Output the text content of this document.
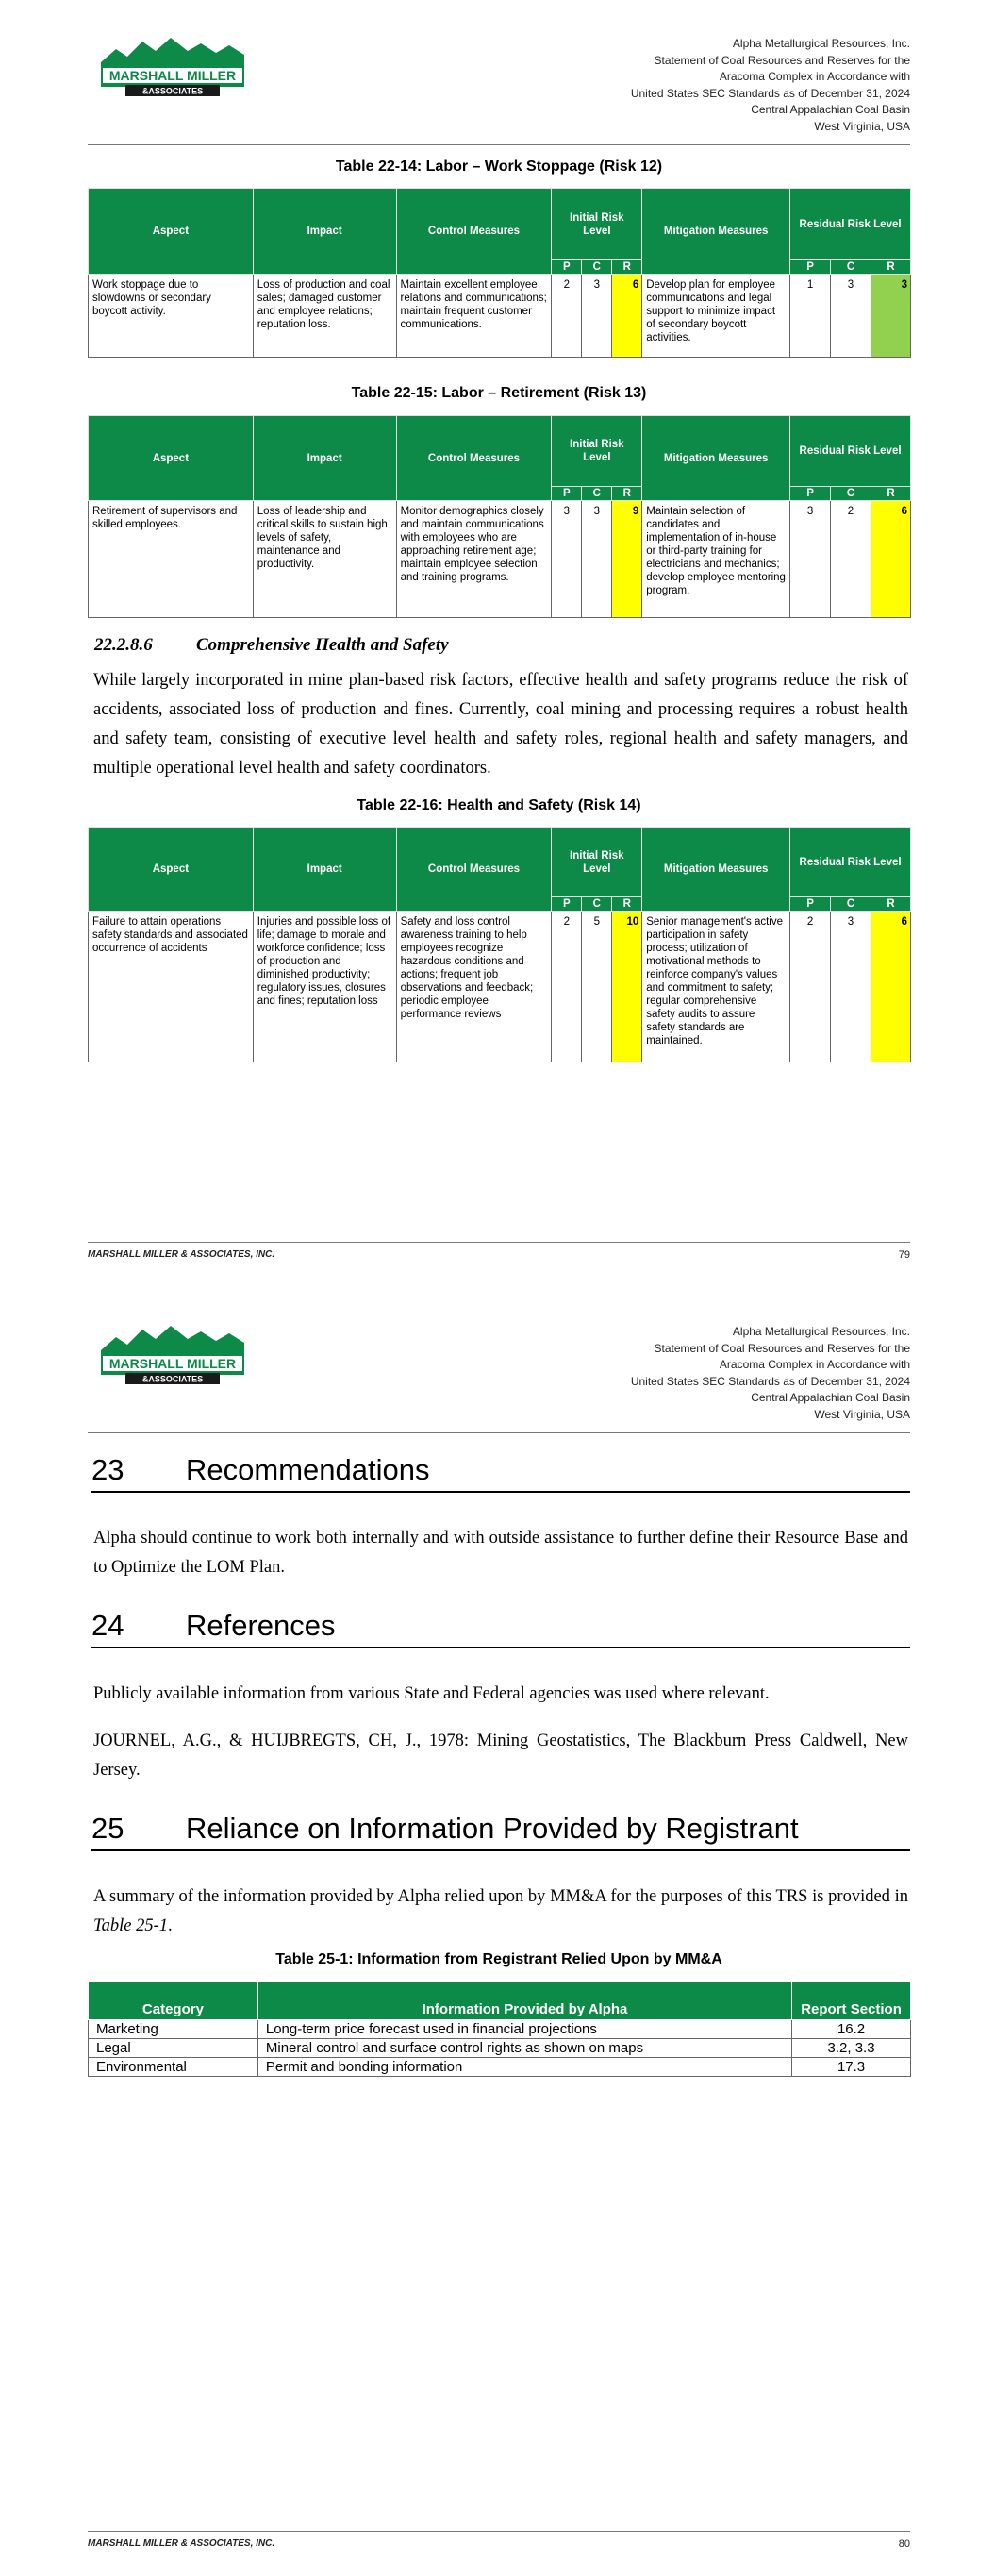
MARSHALL MILLER
&ASSOCIATES
Alpha Metallurgical Resources, Inc.
Statement of Coal Resources and Reserves for the
Aracoma Complex in Accordance with
United States SEC Standards as of December 31, 2024
Central Appalachian Coal Basin
West Virginia, USA
Table 22-14: Labor – Work Stoppage (Risk 12)
Aspect	Impact	Control Measures	Initial Risk Level			Mitigation Measures	Residual Risk Level		
			P	C	R		P	C	R
Work stoppage due to slowdowns or secondary boycott activity.	Loss of production and coal sales; damaged customer and employee relations; reputation loss.	Maintain excellent employee relations and communications; maintain frequent customer communications.	2	3	6	Develop plan for employee communications and legal support to minimize impact of secondary boycott activities.	1	3	3
Table 22-15: Labor – Retirement (Risk 13)
Aspect	Impact	Control Measures	Initial Risk Level			Mitigation Measures	Residual Risk Level		
			P	C	R		P	C	R
Retirement of supervisors and skilled employees.	Loss of leadership and critical skills to sustain high levels of safety, maintenance and productivity.	Monitor demographics closely and maintain communications with employees who are approaching retirement age; maintain employee selection and training programs.	3	3	9	Maintain selection of candidates and implementation of in-house or third-party training for electricians and mechanics; develop employee mentoring program.	3	2	6
22.2.8.6 Comprehensive Health and Safety
While largely incorporated in mine plan-based risk factors, effective health and safety programs reduce the risk of accidents, associated loss of production and fines. Currently, coal mining and processing requires a robust health and safety team, consisting of executive level health and safety roles, regional health and safety managers, and multiple operational level health and safety coordinators.
Table 22-16: Health and Safety (Risk 14)
Aspect	Impact	Control Measures	Initial Risk Level			Mitigation Measures	Residual Risk Level		
			P	C	R		P	C	R
Failure to attain operations safety standards and associated occurrence of accidents	Injuries and possible loss of life; damage to morale and workforce confidence; loss of production and diminished productivity; regulatory issues, closures and fines; reputation loss	Safety and loss control awareness training to help employees recognize hazardous conditions and actions; frequent job observations and feedback; periodic employee performance reviews	2	5	10	Senior management's active participation in safety process; utilization of motivational methods to reinforce company's values and commitment to safety; regular comprehensive safety audits to assure safety standards are maintained.	2	3	6
MARSHALL MILLER & ASSOCIATES, INC.	79
MARSHALL MILLER
&ASSOCIATES
Alpha Metallurgical Resources, Inc.
Statement of Coal Resources and Reserves for the
Aracoma Complex in Accordance with
United States SEC Standards as of December 31, 2024
Central Appalachian Coal Basin
West Virginia, USA
23 Recommendations
Alpha should continue to work both internally and with outside assistance to further define their Resource Base and to Optimize the LOM Plan.
24 References
Publicly available information from various State and Federal agencies was used where relevant.
JOURNEL, A.G., & HUIJBREGTS, CH, J., 1978: Mining Geostatistics, The Blackburn Press Caldwell, New Jersey.
25 Reliance on Information Provided by Registrant
A summary of the information provided by Alpha relied upon by MM&A for the purposes of this TRS is provided in Table 25-1.
Table 25-1: Information from Registrant Relied Upon by MM&A
Category	Information Provided by Alpha	Report Section
Marketing	Long-term price forecast used in financial projections	16.2
Legal	Mineral control and surface control rights as shown on maps	3.2, 3.3
Environmental	Permit and bonding information	17.3
MARSHALL MILLER & ASSOCIATES, INC.	80
